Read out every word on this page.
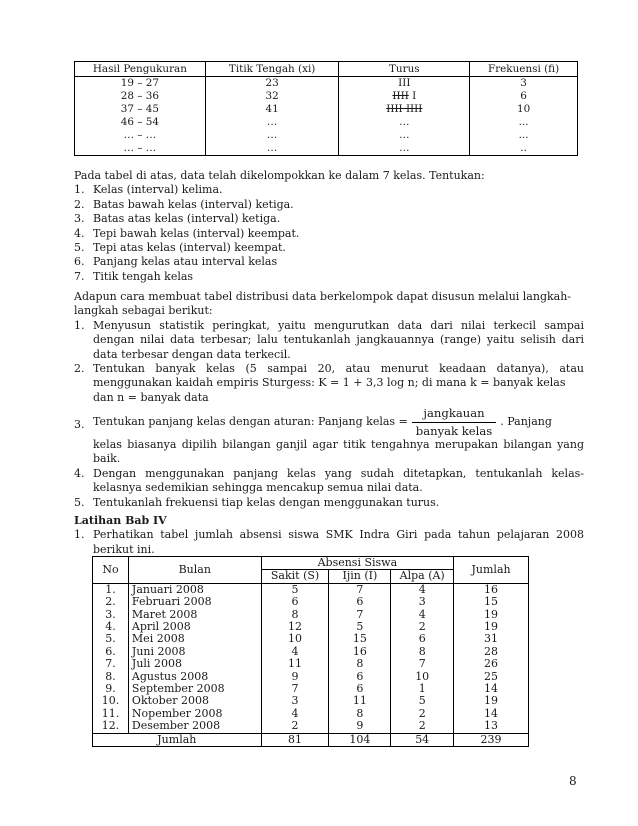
Hasil Pengukuran	Titik Tengah (xi)	Turus	Frekuensi (fi)
19 – 27	23	III	3
28 – 36	32	IIII I	6
37 – 45	41	IIII IIII	10
46 – 54	…	…	...
… – …	…	…	...
… – …	…	…	..
Pada tabel di atas, data telah dikelompokkan ke dalam 7 kelas. Tentukan:
1. Kelas (interval) kelima.
2. Batas bawah kelas (interval) ketiga.
3. Batas atas kelas (interval) ketiga.
4. Tepi bawah kelas (interval) keempat.
5. Tepi atas kelas (interval) keempat.
6. Panjang kelas atau interval kelas
7. Titik tengah kelas
Adapun cara membuat tabel distribusi data berkelompok dapat disusun melalui langkah-langkah sebagai berikut:
1. Menyusun statistik peringkat, yaitu mengurutkan data dari nilai terkecil sampai dengan nilai data terbesar; lalu tentukanlah jangkauannya (range) yaitu selisih dari data terbesar dengan data terkecil.
2. Tentukan banyak kelas (5 sampai 20, atau menurut keadaan datanya), atau menggunakan kaidah empiris Sturgess: K = 1 + 3,3 log n; di mana k = banyak kelas
dan n = banyak data
3. Tentukan panjang kelas dengan aturan: Panjang kelas = $\frac{\text{jangkauan}}{\text{banyak kelas}}$ . Panjang
kelas biasanya dipilih bilangan ganjil agar titik tengahnya merupakan bilangan yang baik.
4. Dengan menggunakan panjang kelas yang sudah ditetapkan, tentukanlah kelas-kelasnya sedemikian sehingga mencakup semua nilai data.
5. Tentukanlah frekuensi tiap kelas dengan menggunakan turus.
Latihan Bab IV
1. Perhatikan tabel jumlah absensi siswa SMK Indra Giri pada tahun pelajaran 2008 berikut ini.
No	Bulan	Absensi Siswa			Jumlah
		Sakit (S)	Ijin (I)	Alpa (A)	
1.	Januari 2008	5	7	4	16
2.	Februari 2008	6	6	3	15
3.	Maret 2008	8	7	4	19
4.	April 2008	12	5	2	19
5.	Mei 2008	10	15	6	31
6.	Juni 2008	4	16	8	28
7.	Juli 2008	11	8	7	26
8.	Agustus 2008	9	6	10	25
9.	September 2008	7	6	1	14
10.	Oktober 2008	3	11	5	19
11.	Nopember 2008	4	8	2	14
12.	Desember 2008	2	9	2	13
Jumlah		81	104	54	239
8
